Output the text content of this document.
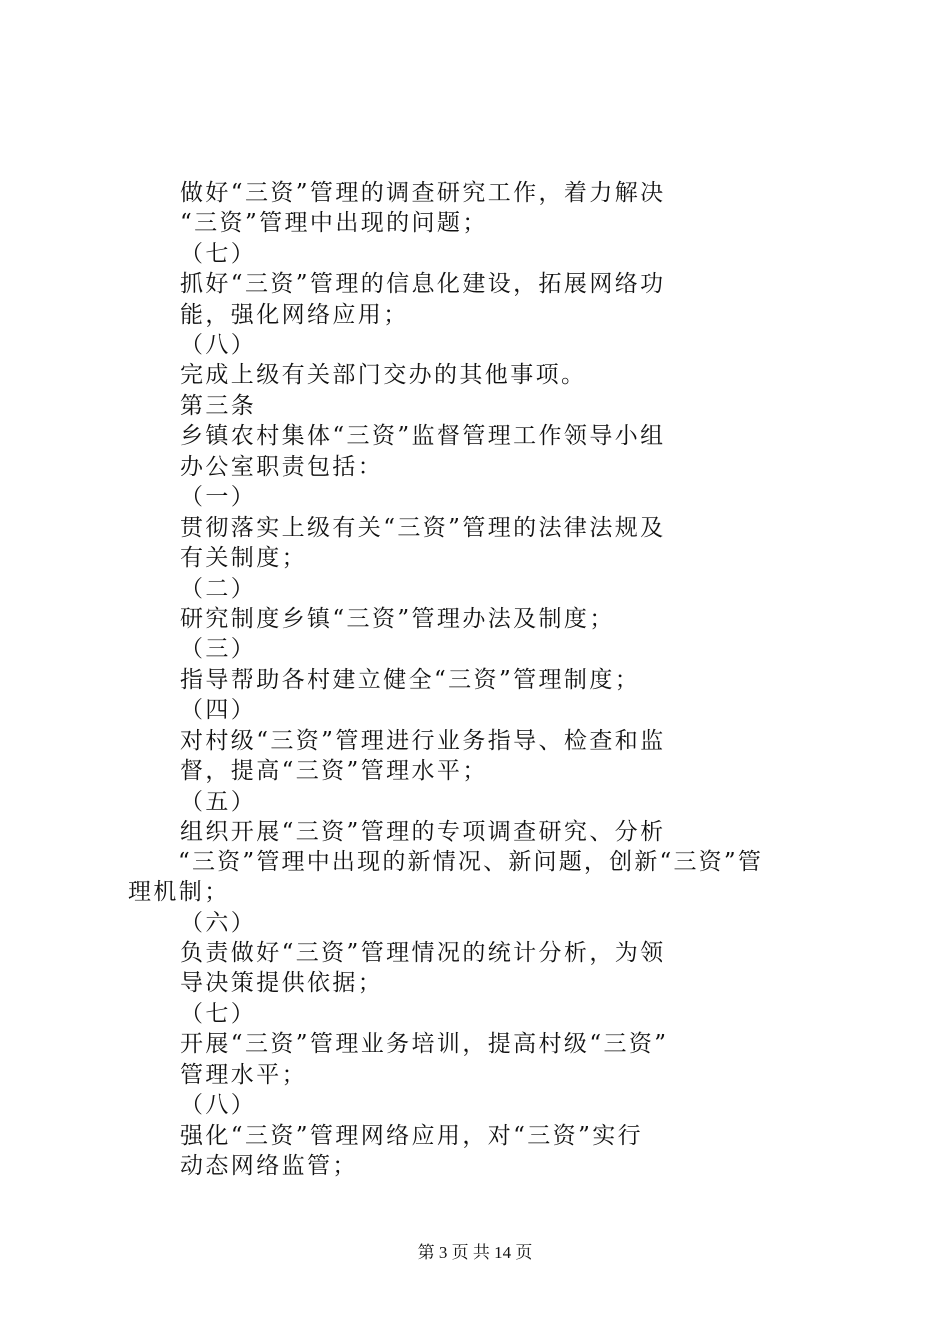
做好“三资”管理的调查研究工作，着力解决
“三资”管理中出现的问题；
（七）
抓好“三资”管理的信息化建设，拓展网络功
能，强化网络应用；
（八）
完成上级有关部门交办的其他事项。
第三条
乡镇农村集体“三资”监督管理工作领导小组
办公室职责包括：
（一）
贯彻落实上级有关“三资”管理的法律法规及
有关制度；
（二）
研究制度乡镇“三资”管理办法及制度；
（三）
指导帮助各村建立健全“三资”管理制度；
（四）
对村级“三资”管理进行业务指导、检查和监
督，提高“三资”管理水平；
（五）
组织开展“三资”管理的专项调查研究、分析
“三资”管理中出现的新情况、新问题，创新“三资”管
理机制；
（六）
负责做好“三资”管理情况的统计分析，为领
导决策提供依据；
（七）
开展“三资”管理业务培训，提高村级“三资”
管理水平；
（八）
强化“三资”管理网络应用，对“三资”实行
动态网络监管；
第 3 页 共 14 页
